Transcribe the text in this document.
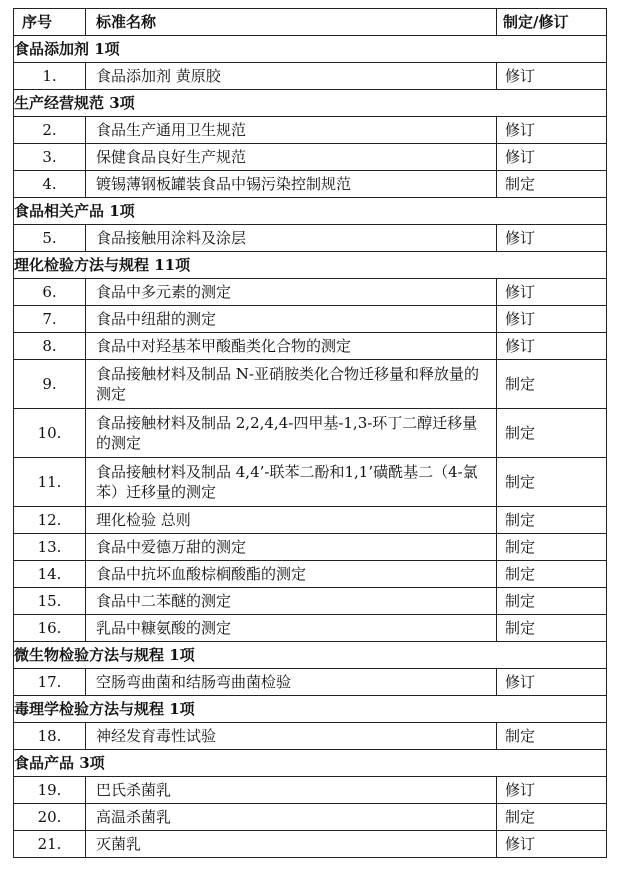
序号	标准名称	制定/修订
食品添加剂 1项		
1.	食品添加剂 黄原胶	修订
生产经营规范 3项		
2.	食品生产通用卫生规范	修订
3.	保健食品良好生产规范	修订
4.	镀锡薄钢板罐装食品中锡污染控制规范	制定
食品相关产品 1项		
5.	食品接触用涂料及涂层	修订
理化检验方法与规程 11项		
6.	食品中多元素的测定	修订
7.	食品中纽甜的测定	修订
8.	食品中对羟基苯甲酸酯类化合物的测定	修订
9.	食品接触材料及制品 N-亚硝胺类化合物迁移量和释放量的测定	制定
10.	食品接触材料及制品 2,2,4,4-四甲基-1,3-环丁二醇迁移量的测定	制定
11.	食品接触材料及制品 4,4’-联苯二酚和1,1’磺酰基二（4-氯苯）迁移量的测定	制定
12.	理化检验 总则	制定
13.	食品中爱德万甜的测定	制定
14.	食品中抗坏血酸棕榈酸酯的测定	制定
15.	食品中二苯醚的测定	制定
16.	乳品中糠氨酸的测定	制定
微生物检验方法与规程 1项		
17.	空肠弯曲菌和结肠弯曲菌检验	修订
毒理学检验方法与规程 1项		
18.	神经发育毒性试验	制定
食品产品 3项		
19.	巴氏杀菌乳	修订
20.	高温杀菌乳	制定
21.	灭菌乳	修订
